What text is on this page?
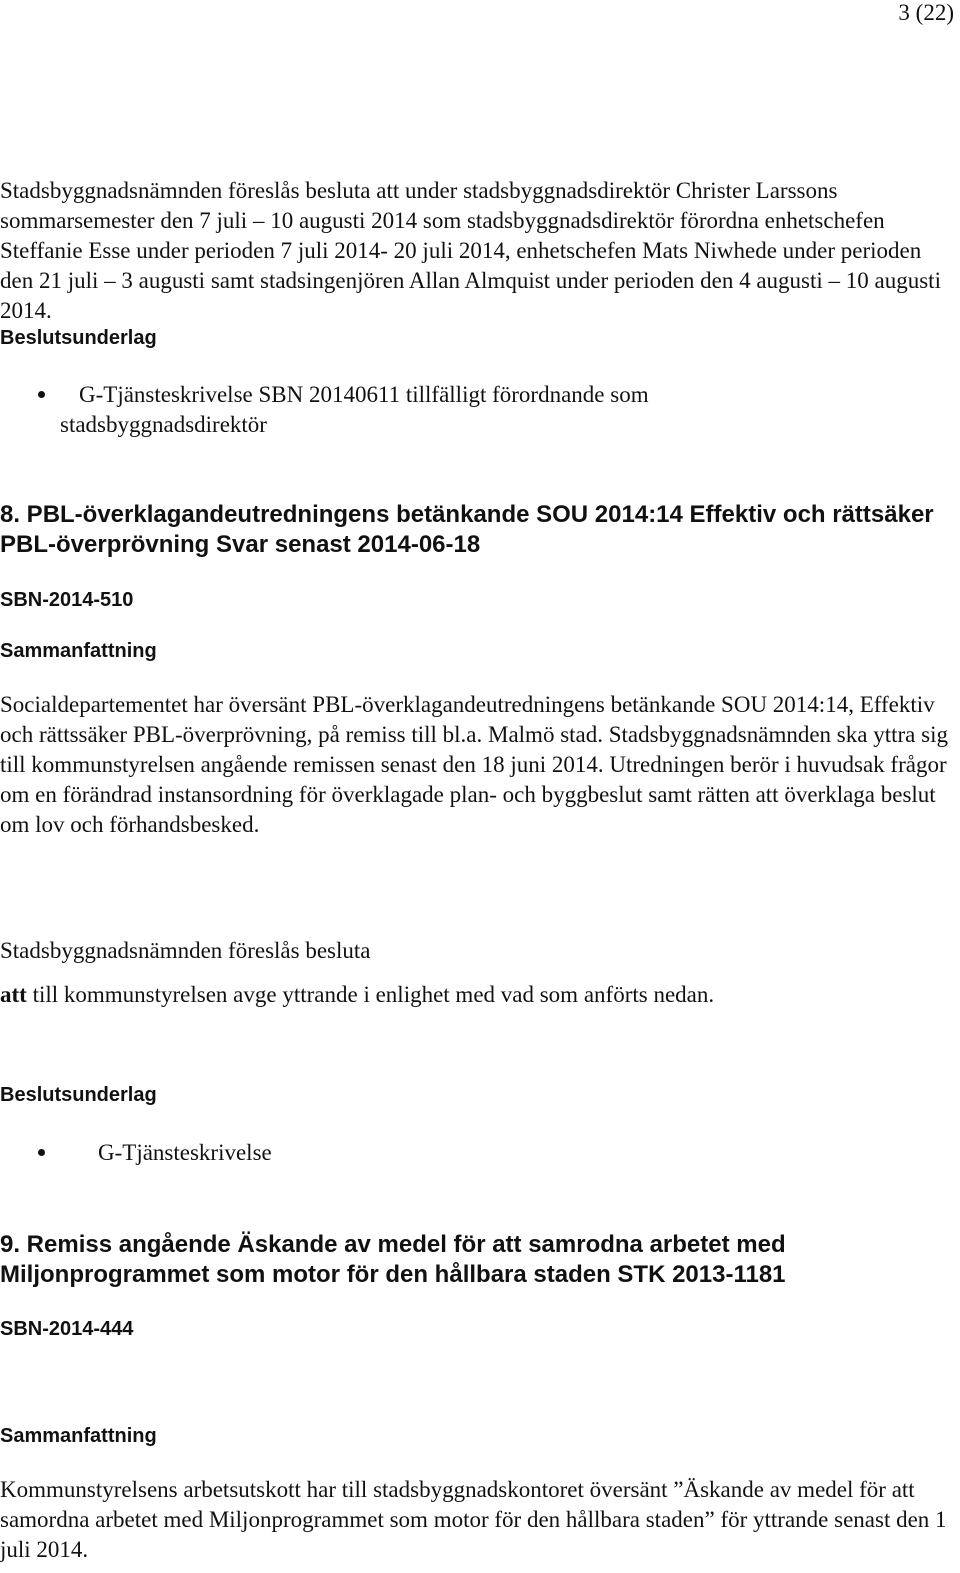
3 (22)

Stadsbyggnadsnämnden föreslås besluta att under stadsbyggnadsdirektör Christer Larssons sommarsemester den 7 juli – 10 augusti 2014 som stadsbyggnadsdirektör förordna enhetschefen Steffanie Esse under perioden 7 juli 2014- 20 juli 2014, enhetschefen Mats Niwhede under perioden den 21 juli – 3 augusti samt stadsingenjören Allan Almquist under perioden den 4 augusti – 10 augusti 2014.

Beslutsunderlag
G-Tjänsteskrivelse SBN 20140611 tillfälligt förordnande som stadsbyggnadsdirektör
8. PBL-överklagandeutredningens betänkande SOU 2014:14 Effektiv och rättsäker PBL-överprövning Svar senast 2014-06-18
SBN-2014-510
Sammanfattning

Socialdepartementet har översänt PBL-överklagandeutredningens betänkande SOU 2014:14, Effektiv och rättssäker PBL-överprövning, på remiss till bl.a. Malmö stad. Stadsbyggnadsnämnden ska yttra sig till kommunstyrelsen angående remissen senast den 18 juni 2014. Utredningen berör i huvudsak frågor om en förändrad instansordning för överklagade plan- och byggbeslut samt rätten att överklaga beslut om lov och förhandsbesked.

Stadsbyggnadsnämnden föreslås besluta
att till kommunstyrelsen avge yttrande i enlighet med vad som anförts nedan.
Beslutsunderlag
G-Tjänsteskrivelse
9. Remiss angående Äskande av medel för att samrodna arbetet med Miljonprogrammet som motor för den hållbara staden STK 2013-1181
SBN-2014-444
Sammanfattning

Kommunstyrelsens arbetsutskott har till stadsbyggnadskontoret översänt ”Äskande av medel för att samordna arbetet med Miljonprogrammet som motor för den hållbara staden” för yttrande senast den 1 juli 2014.
